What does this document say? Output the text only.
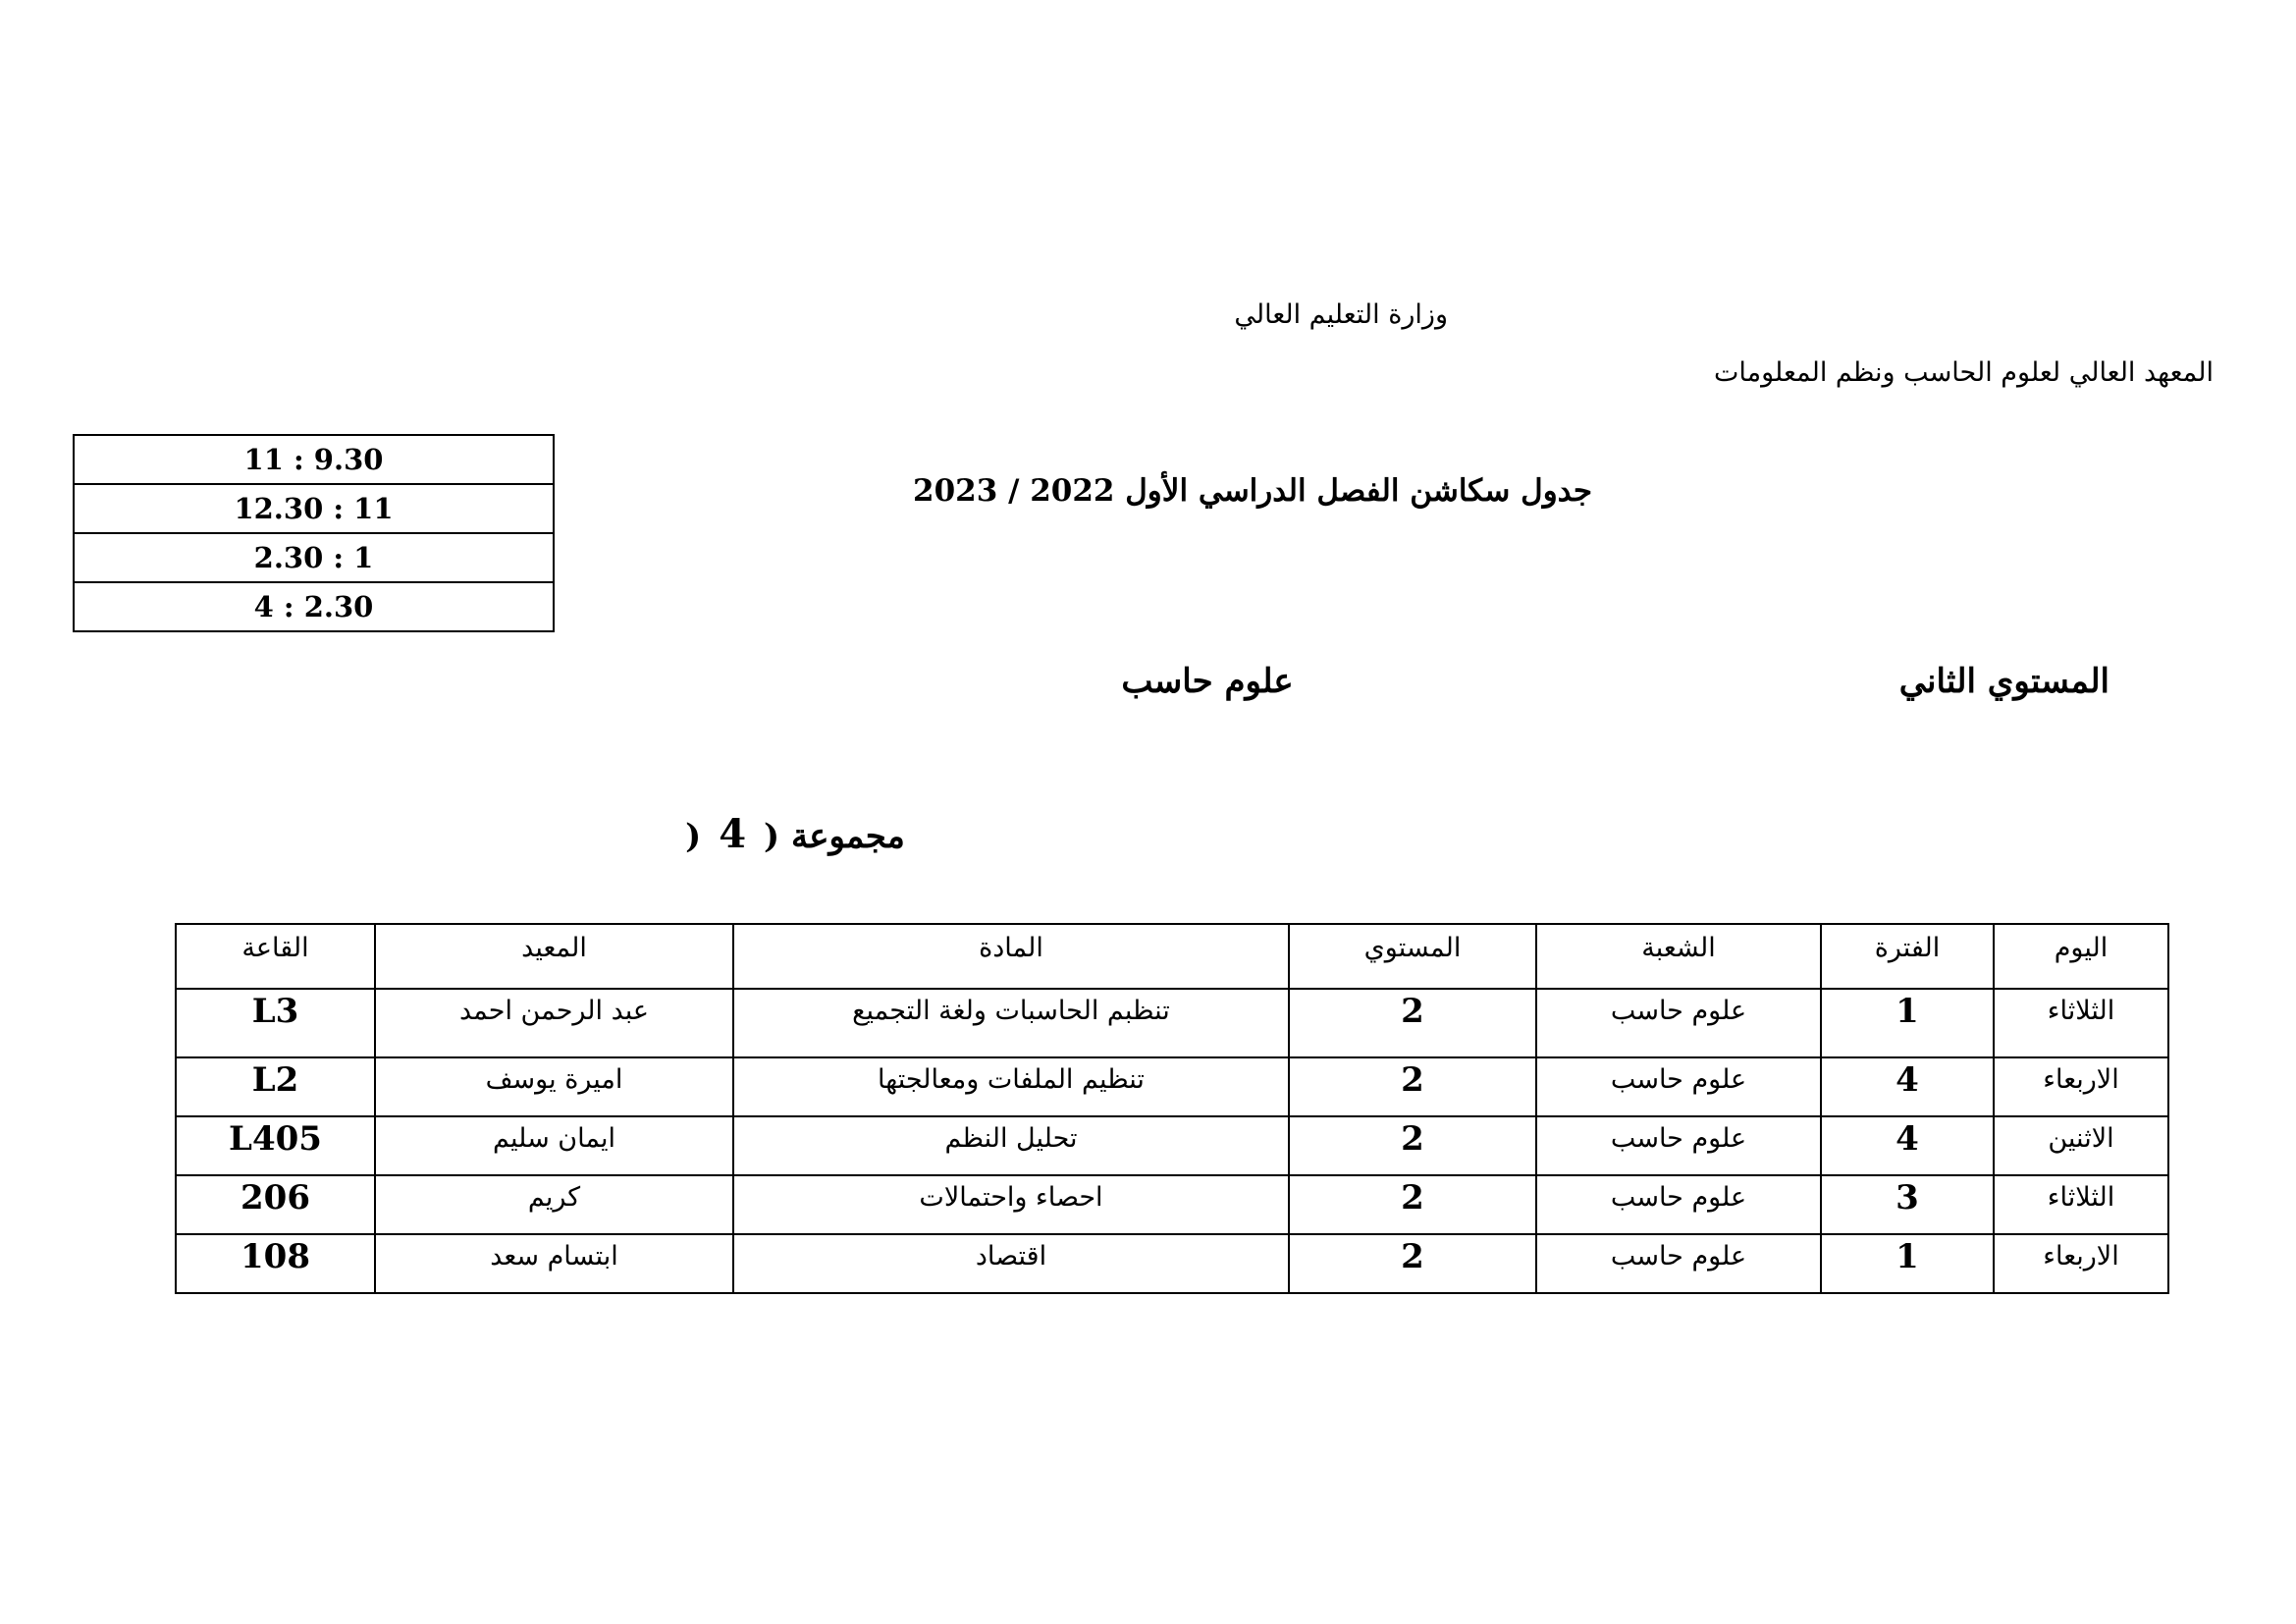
وزارة التعليم العالي
المعهد العالي لعلوم الحاسب ونظم المعلومات
11 : 9.30
12.30 : 11
2.30 : 1
4 : 2.30
جدول سكاشن الفصل الدراسي الأول 2022 / 2023
المستوي الثاني
علوم حاسب
) 4 مجموعة (
اليوم	الفترة	الشعبة	المستوي	المادة	المعيد	القاعة
الثلاثاء	1	علوم حاسب	2	تنظبم الحاسبات ولغة التجميع	عبد الرحمن احمد	L3
الاربعاء	4	علوم حاسب	2	تنظيم الملفات ومعالجتها	اميرة يوسف	L2
الاثنين	4	علوم حاسب	2	تحليل النظم	ايمان سليم	L405
الثلاثاء	3	علوم حاسب	2	احصاء واحتمالات	كريم	206
الاربعاء	1	علوم حاسب	2	اقتصاد	ابتسام سعد	108
